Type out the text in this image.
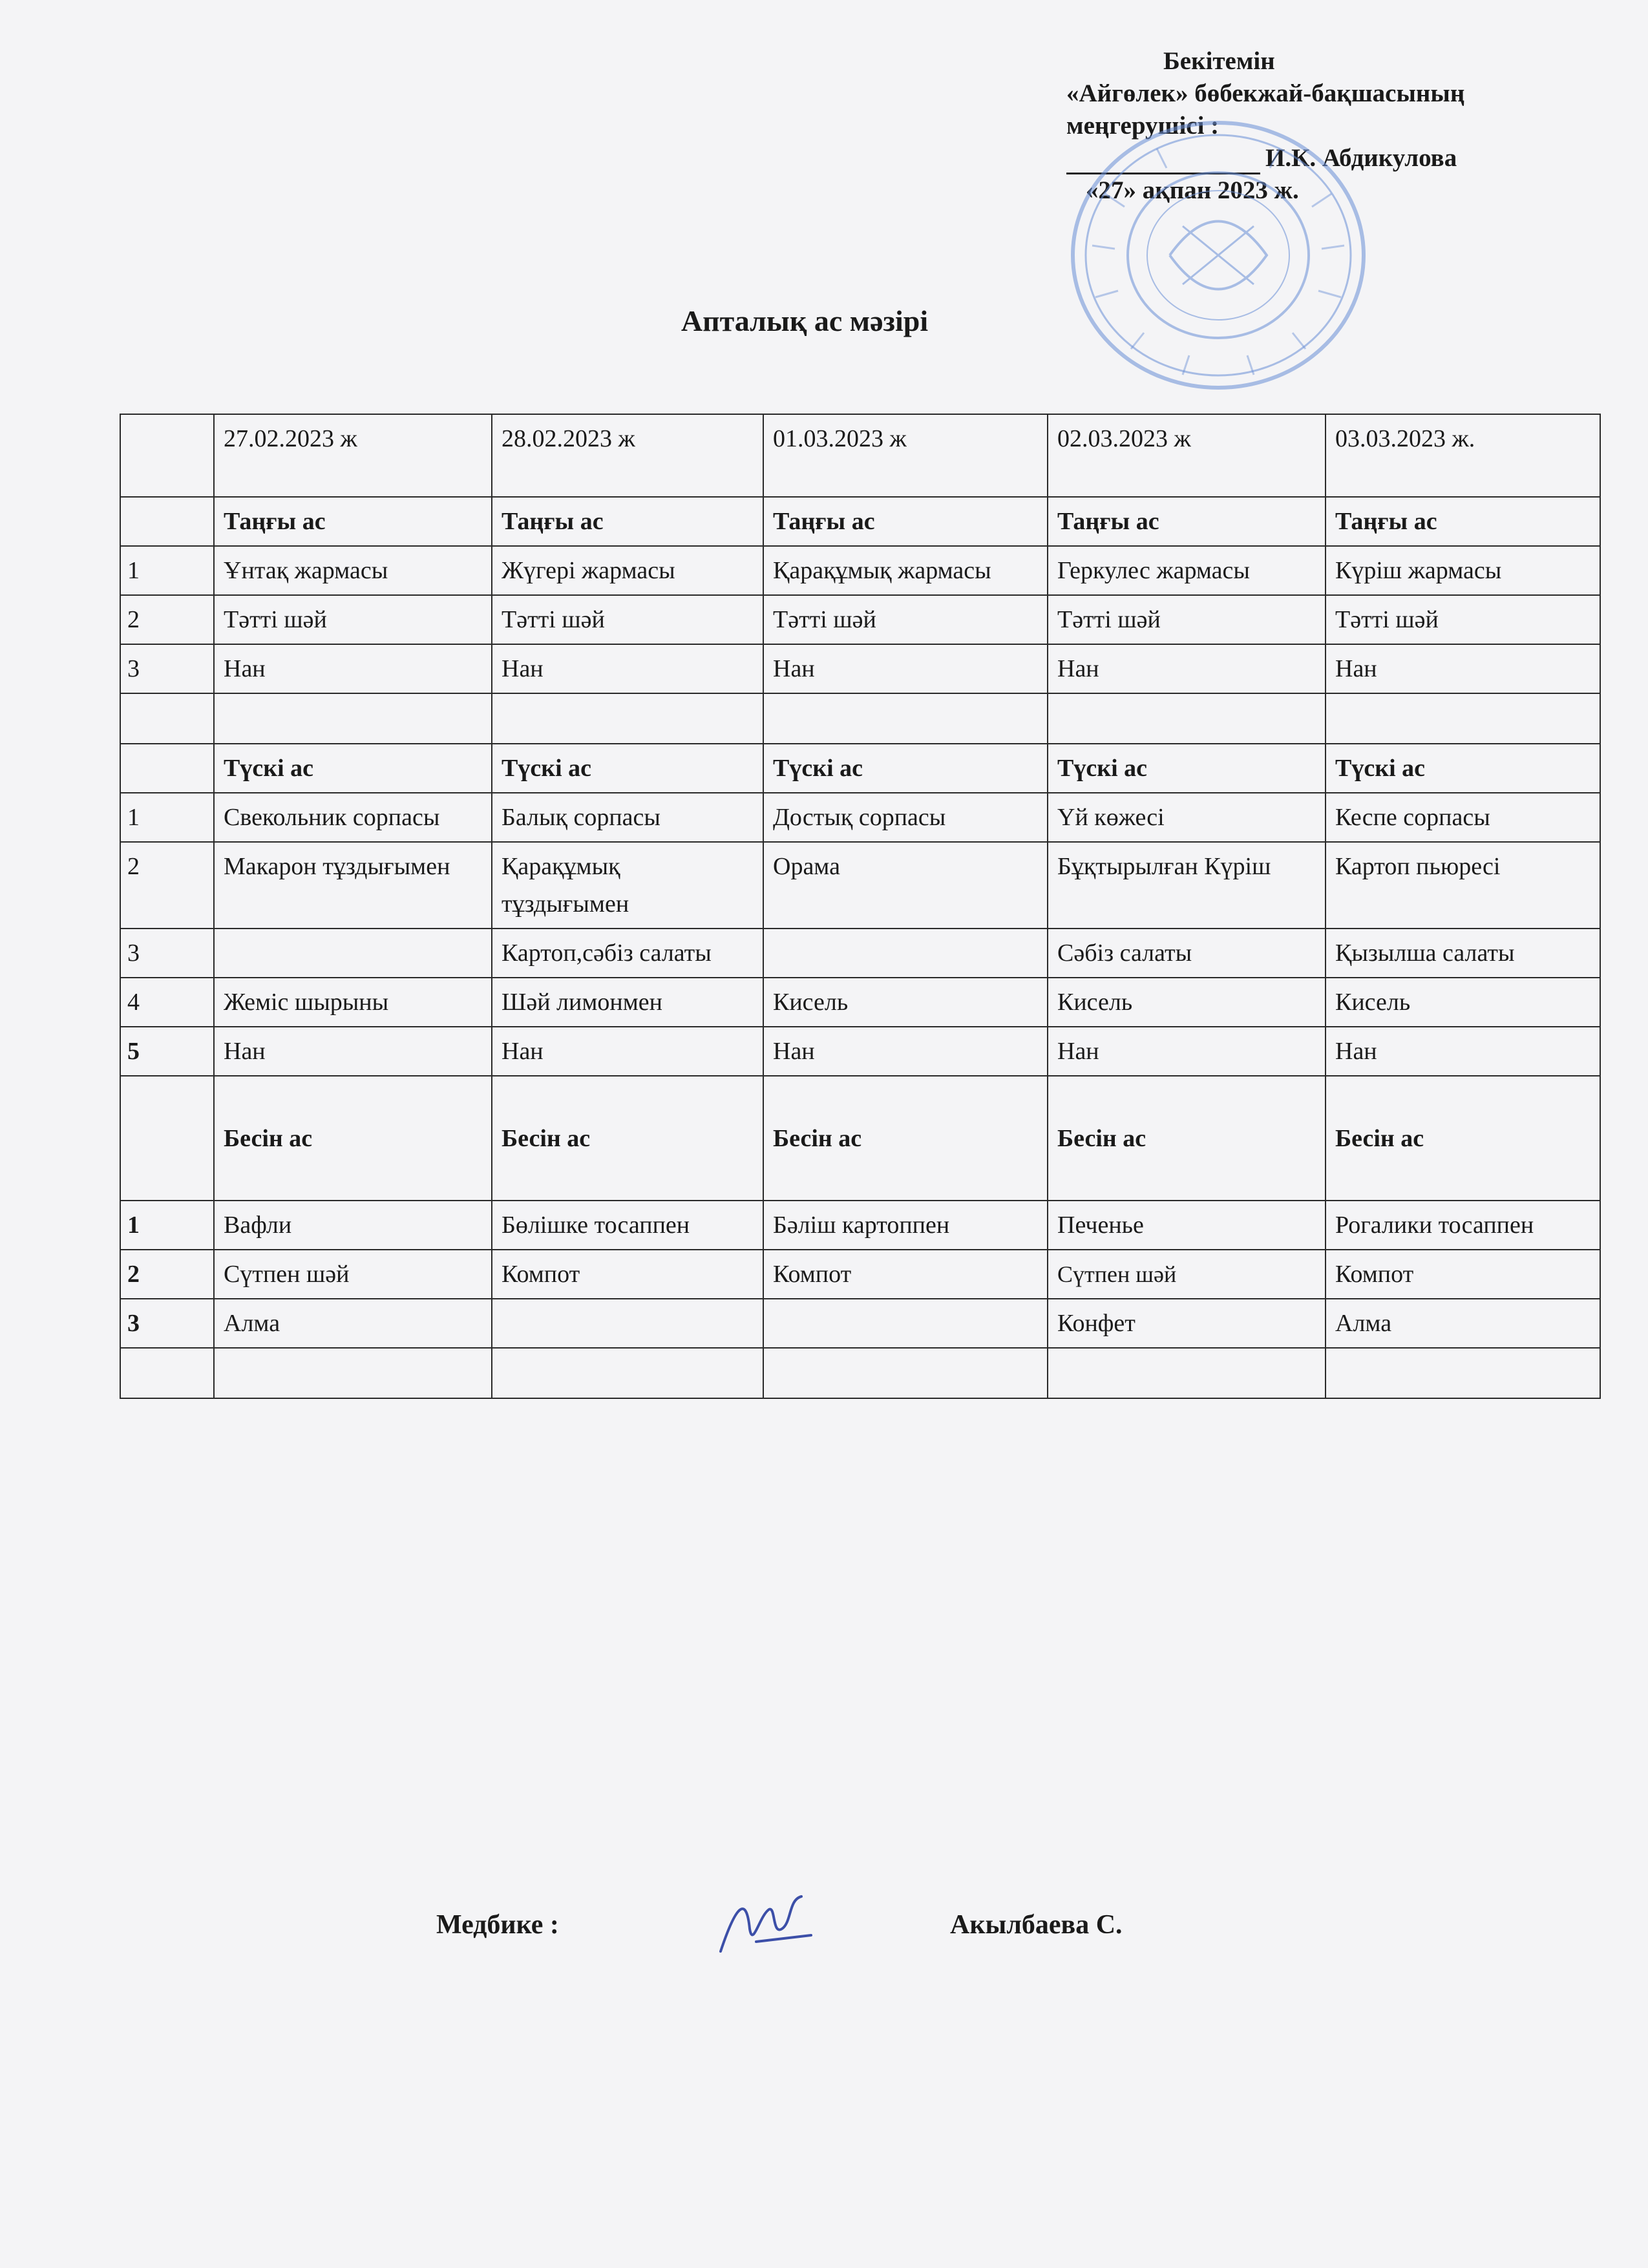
Бекітемін
«Айгөлек» бөбекжай-бақшасының
меңгерушісі :
И.К. Абдикулова
«27» ақпан 2023 ж.
Апталық ас мәзірі
	27.02.2023 ж	28.02.2023 ж	01.03.2023 ж	02.03.2023 ж	03.03.2023 ж.
	Таңғы ас	Таңғы ас	Таңғы ас	Таңғы ас	Таңғы ас
1	Ұнтақ жармасы	Жүгері жармасы	Қарақұмық жармасы	Геркулес жармасы	Күріш жармасы
2	Тәтті шәй	Тәтті шәй	Тәтті шәй	Тәтті шәй	Тәтті шәй
3	Нан	Нан	Нан	Нан	Нан

	Түскі ас	Түскі ас	Түскі ас	Түскі ас	Түскі ас
1	Свекольник сорпасы	Балық сорпасы	Достық сорпасы	Үй көжесі	Кеспе сорпасы
2	Макарон тұздығымен	Қарақұмық тұздығымен	Орама	Бұқтырылған Күріш	Картоп пьюресі
3		Картоп,сәбіз салаты		Сәбіз салаты	Қызылша салаты
4	Жеміс шырыны	Шәй лимонмен	Кисель	Кисель	Кисель
5	Нан	Нан	Нан	Нан	Нан
	Бесін ас	Бесін ас	Бесін ас	Бесін ас	Бесін ас
1	Вафли	Бөлішке тосаппен	Бәліш картоппен	Печенье	Рогалики тосаппен
2	Сүтпен шәй	Компот	Компот	Сүтпен шәй	Компот
3	Алма			Конфет	Алма

Медбике :	Акылбаева С.
